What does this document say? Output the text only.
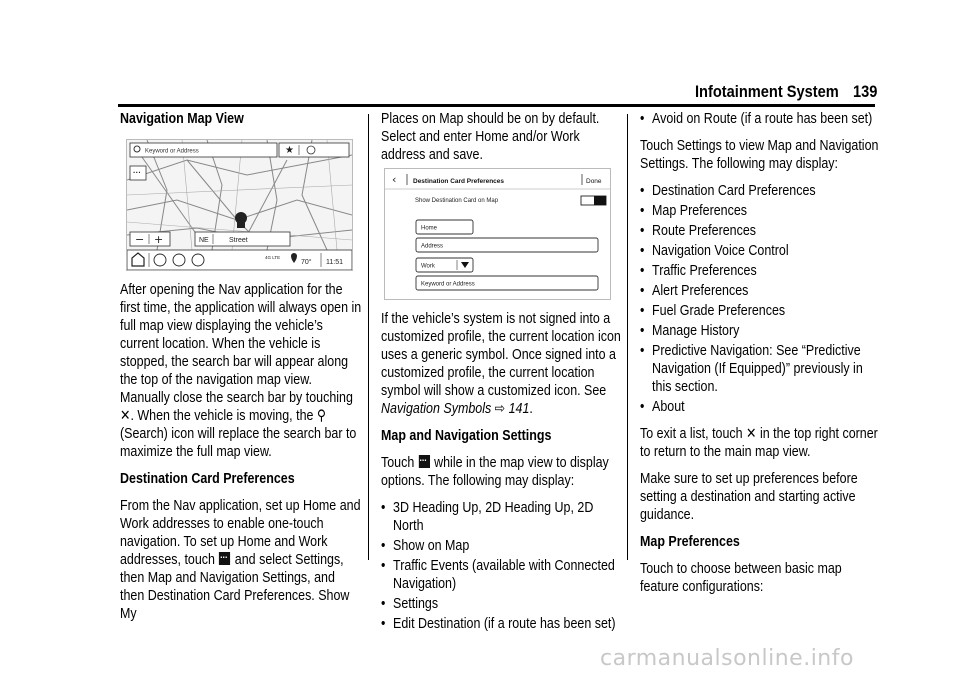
Infotainment System 139
Navigation Map View
Keyword or Address	★
···
− +	NE	Street
4G LTE
70° 11:51

After opening the Nav application for the first time, the application will always open in full map view displaying the vehicle’s current location. When the vehicle is stopped, the search bar will appear along the top of the navigation map view. Manually close the search bar by touching
✕. When the vehicle is moving, the ⚲
(Search) icon will replace the search bar to maximize the full map view.

Destination Card Preferences

From the Nav application, set up Home and Work addresses to enable one-touch navigation. To set up Home and Work addresses, touch ... and select Settings, then Map and Navigation Settings, and then Destination Card Preferences. Show My

Places on Map should be on by default. Select and enter Home and/or Work address and save.

‹	Destination Card Preferences	Done
Show Destination Card on Map
Home
Address
Work
Keyword or Address

If the vehicle’s system is not signed into a customized profile, the current location icon uses a generic symbol. Once signed into a customized profile, the current location symbol will show a customized icon. See Navigation Symbols ⇨ 141.

Map and Navigation Settings

Touch ... while in the map view to display options. The following may display:

• 3D Heading Up, 2D Heading Up, 2D North
• Show on Map
• Traffic Events (available with Connected Navigation)
• Settings
• Edit Destination (if a route has been set)
• Avoid on Route (if a route has been set)

Touch Settings to view Map and Navigation Settings. The following may display:

• Destination Card Preferences
• Map Preferences
• Route Preferences
• Navigation Voice Control
• Traffic Preferences
• Alert Preferences
• Fuel Grade Preferences
• Manage History
• Predictive Navigation: See “Predictive Navigation (If Equipped)” previously in this section.
• About

To exit a list, touch ✕ in the top right corner to return to the main map view.

Make sure to set up preferences before setting a destination and starting active guidance.

Map Preferences

Touch to choose between basic map feature configurations:

carmanualsonline.info
